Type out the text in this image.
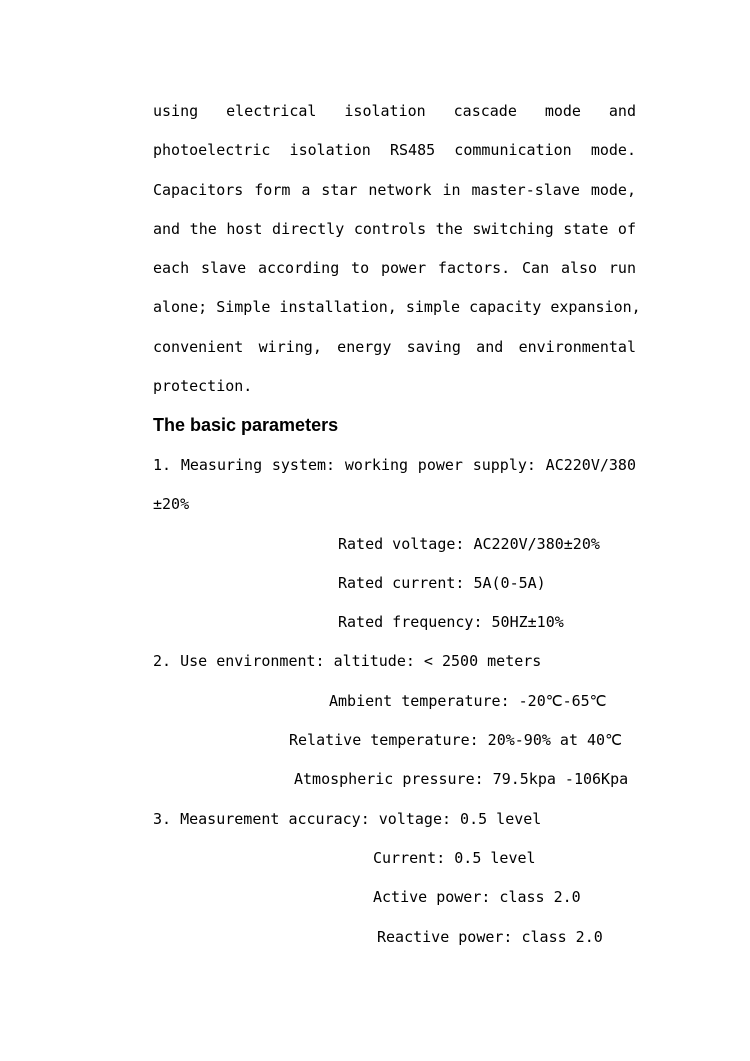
using electrical isolation cascade mode and
photoelectric isolation RS485 communication mode.
Capacitors form a star network in master-slave mode,
and the host directly controls the switching state of
each slave according to power factors. Can also run
alone; Simple installation, simple capacity expansion,
convenient wiring, energy saving and environmental
protection.
The basic parameters
1. Measuring system: working power supply: AC220V/380
±20%
Rated voltage: AC220V/380±20%
Rated current: 5A(0-5A)
Rated frequency: 50HZ±10%
2. Use environment: altitude: < 2500 meters
Ambient temperature: -20℃-65℃
Relative temperature: 20%-90% at 40℃
Atmospheric pressure: 79.5kpa -106Kpa
3. Measurement accuracy: voltage: 0.5 level
Current: 0.5 level
Active power: class 2.0
Reactive power: class 2.0
